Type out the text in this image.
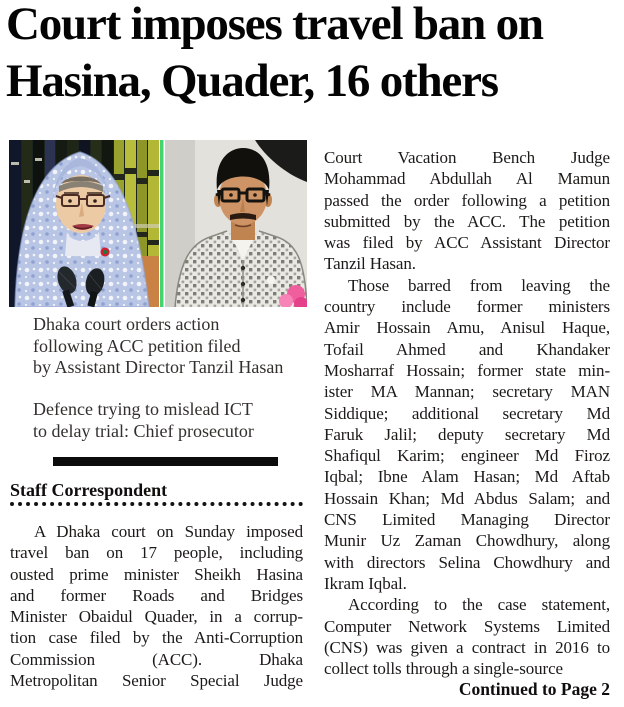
Court imposes travel ban on
Hasina, Quader, 16 others
Dhaka court orders action
following ACC petition filed
by Assistant Director Tanzil Hasan
Defence trying to mislead ICT
to delay trial: Chief prosecutor
Staff Correspondent
A Dhaka court on Sunday imposed
travel ban on 17 people, including
ousted prime minister Sheikh Hasina
and former Roads and Bridges
Minister Obaidul Quader, in a corrup-
tion case filed by the Anti-Corruption
Commission (ACC). Dhaka
Metropolitan Senior Special Judge
Court Vacation Bench Judge
Mohammad Abdullah Al Mamun
passed the order following a petition
submitted by the ACC. The petition
was filed by ACC Assistant Director
Tanzil Hasan.
Those barred from leaving the
country include former ministers
Amir Hossain Amu, Anisul Haque,
Tofail Ahmed and Khandaker
Mosharraf Hossain; former state min-
ister MA Mannan; secretary MAN
Siddique; additional secretary Md
Faruk Jalil; deputy secretary Md
Shafiqul Karim; engineer Md Firoz
Iqbal; Ibne Alam Hasan; Md Aftab
Hossain Khan; Md Abdus Salam; and
CNS Limited Managing Director
Munir Uz Zaman Chowdhury, along
with directors Selina Chowdhury and
Ikram Iqbal.
According to the case statement,
Computer Network Systems Limited
(CNS) was given a contract in 2016 to
collect tolls through a single-source
Continued to Page 2
